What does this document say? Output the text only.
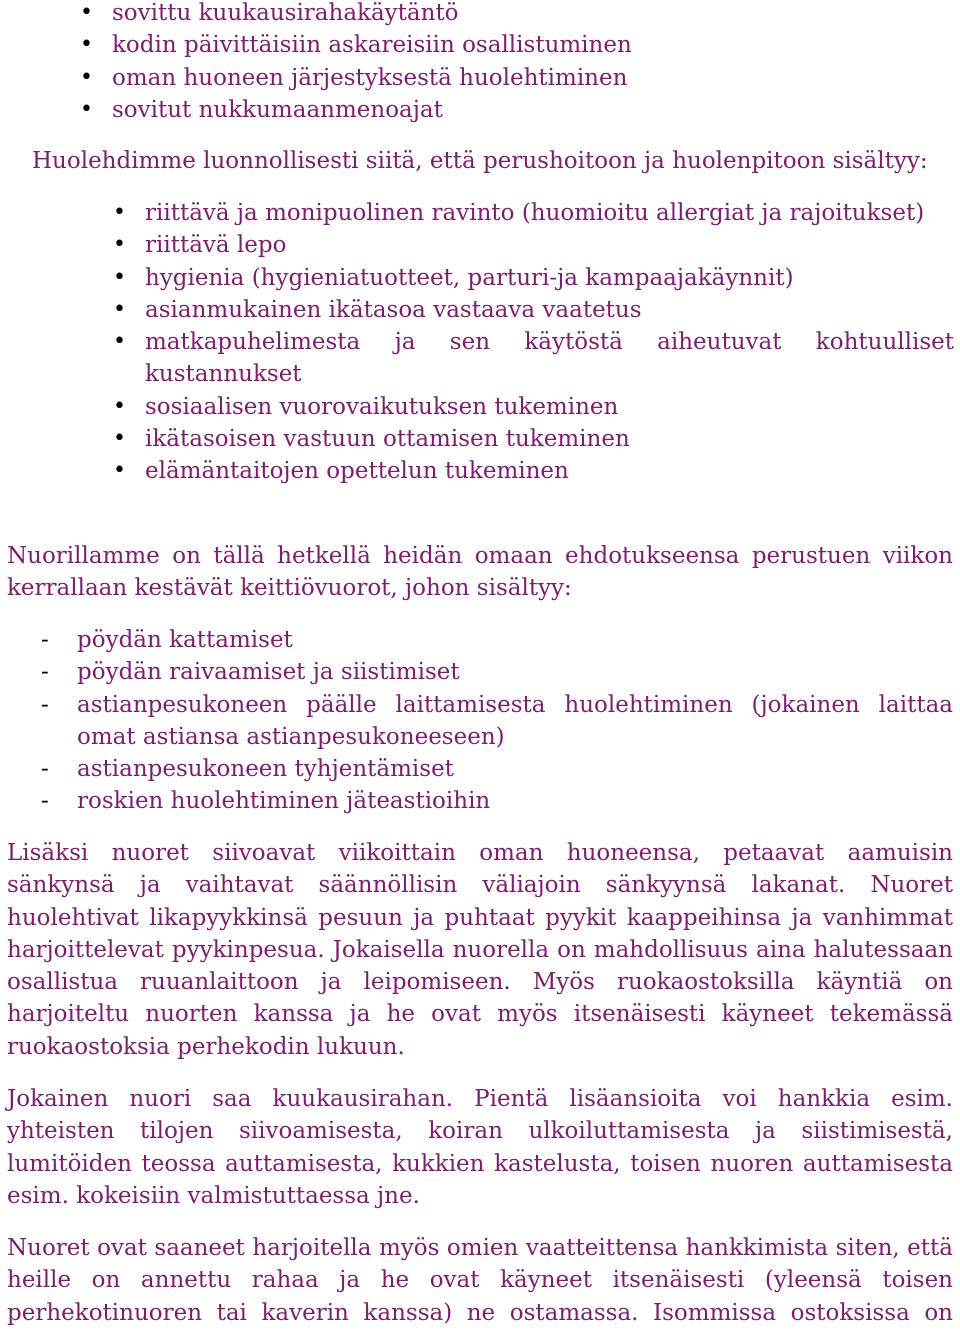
• sovittu kuukausirahakäytäntö
• kodin päivittäisiin askareisiin osallistuminen
• oman huoneen järjestyksestä huolehtiminen
• sovitut nukkumaanmenoajat

Huolehdimme luonnollisesti siitä, että perushoitoon ja huolenpitoon sisältyy:

• riittävä ja monipuolinen ravinto (huomioitu allergiat ja rajoitukset)
• riittävä lepo
• hygienia (hygieniatuotteet, parturi-ja kampaajakäynnit)
• asianmukainen ikätasoa vastaava vaatetus
• matkapuhelimesta ja sen käytöstä aiheutuvat kohtuulliset kustannukset
• sosiaalisen vuorovaikutuksen tukeminen
• ikätasoisen vastuun ottamisen tukeminen
• elämäntaitojen opettelun tukeminen

Nuorillamme on tällä hetkellä heidän omaan ehdotukseensa perustuen viikon kerrallaan kestävät keittiövuorot, johon sisältyy:

- pöydän kattamiset
- pöydän raivaamiset ja siistimiset
- astianpesukoneen päälle laittamisesta huolehtiminen (jokainen laittaa omat astiansa astianpesukoneeseen)
- astianpesukoneen tyhjentämiset
- roskien huolehtiminen jäteastioihin

Lisäksi nuoret siivoavat viikoittain oman huoneensa, petaavat aamuisin sänkynsä ja vaihtavat säännöllisin väliajoin sänkyynsä lakanat. Nuoret huolehtivat likapyykkinsä pesuun ja puhtaat pyykit kaappeihinsa ja vanhimmat harjoittelevat pyykinpesua. Jokaisella nuorella on mahdollisuus aina halutessaan osallistua ruuanlaittoon ja leipomiseen. Myös ruokaostoksilla käyntiä on harjoiteltu nuorten kanssa ja he ovat myös itsenäisesti käyneet tekemässä ruokaostoksia perhekodin lukuun.

Jokainen nuori saa kuukausirahan. Pientä lisäansioita voi hankkia esim. yhteisten tilojen siivoamisesta, koiran ulkoiluttamisesta ja siistimisestä, lumitöiden teossa auttamisesta, kukkien kastelusta, toisen nuoren auttamisesta esim. kokeisiin valmistuttaessa jne.

Nuoret ovat saaneet harjoitella myös omien vaatteittensa hankkimista siten, että heille on annettu rahaa ja he ovat käyneet itsenäisesti (yleensä toisen perhekotinuoren tai kaverin kanssa) ne ostamassa. Isommissa ostoksissa on
